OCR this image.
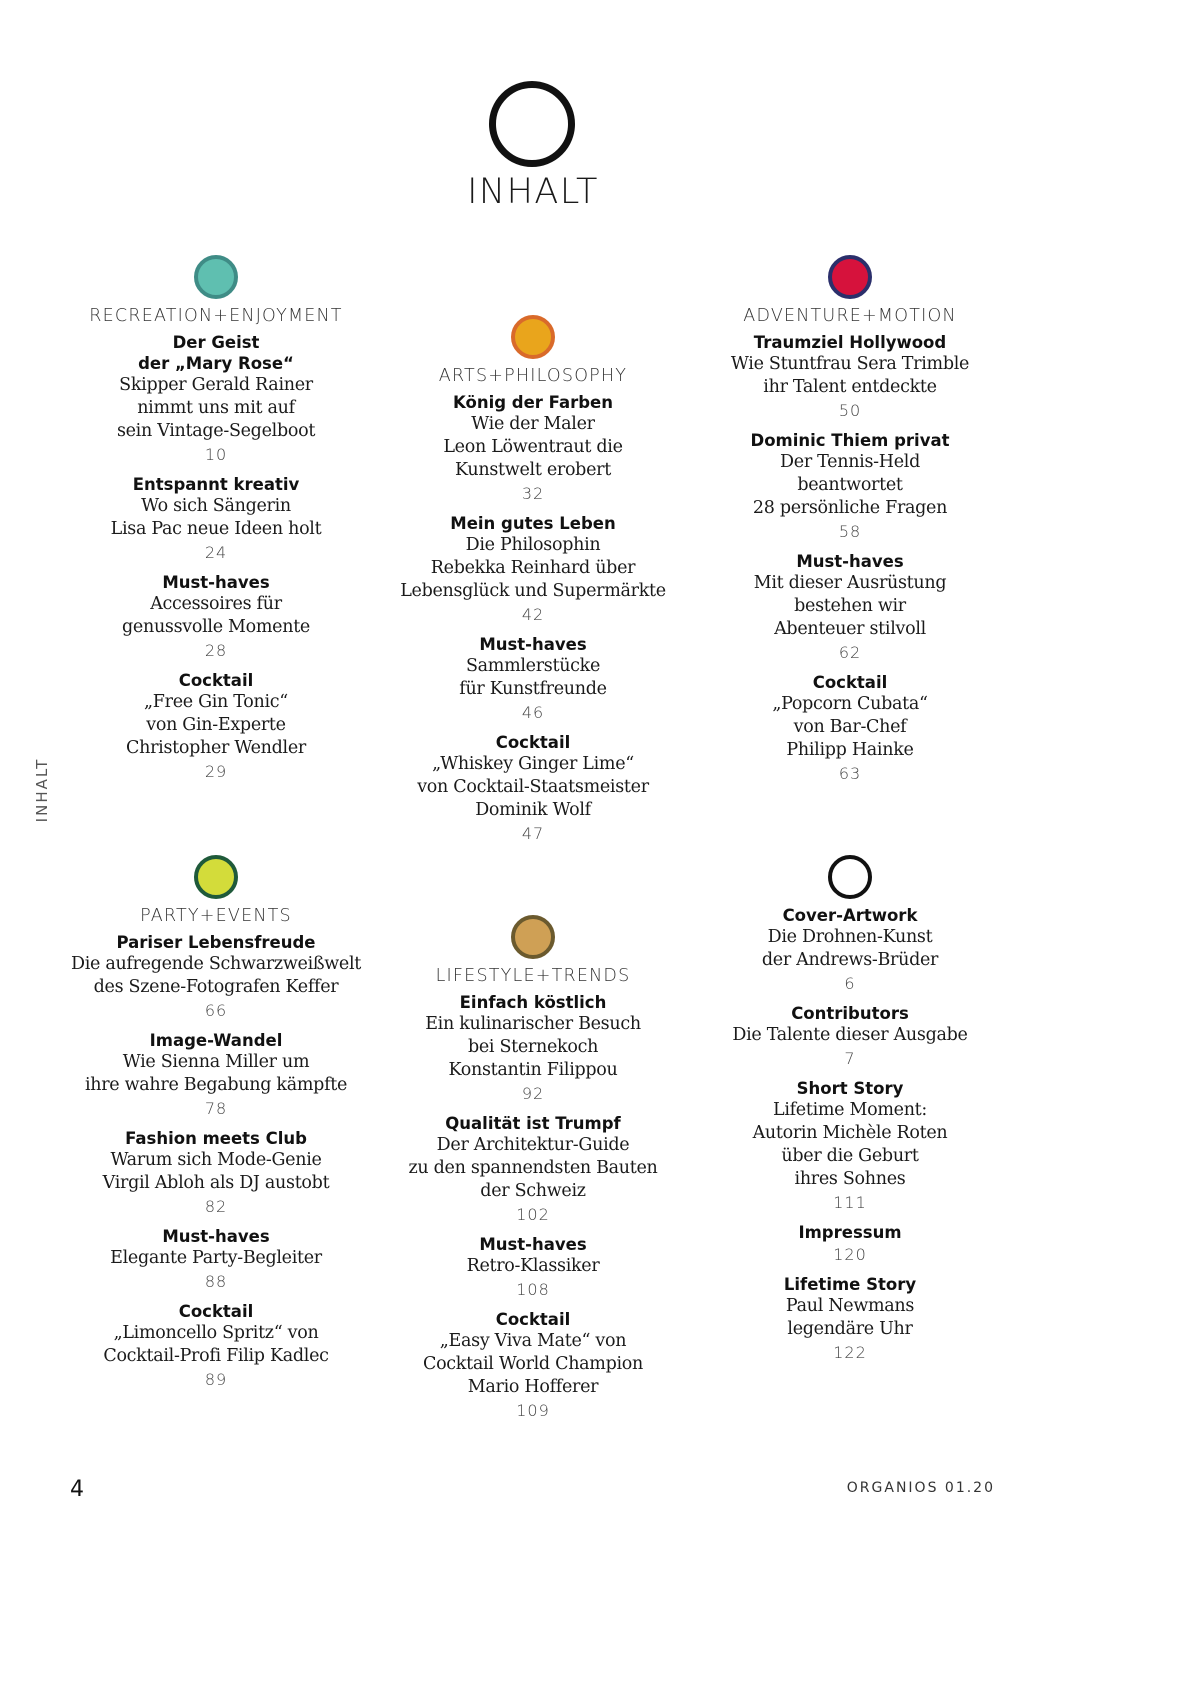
INHALT
RECREATION+ENJOYMENT
Der Geist
der „Mary Rose“
Skipper Gerald Rainer
nimmt uns mit auf
sein Vintage-Segelboot
10
Entspannt kreativ
Wo sich Sängerin
Lisa Pac neue Ideen holt
24
Must-haves
Accessoires für
genussvolle Momente
28
Cocktail
„Free Gin Tonic“
von Gin-Experte
Christopher Wendler
29
ARTS+PHILOSOPHY
König der Farben
Wie der Maler
Leon Löwentraut die
Kunstwelt erobert
32
Mein gutes Leben
Die Philosophin
Rebekka Reinhard über
Lebensglück und Supermärkte
42
Must-haves
Sammlerstücke
für Kunstfreunde
46
Cocktail
„Whiskey Ginger Lime“
von Cocktail-Staatsmeister
Dominik Wolf
47
ADVENTURE+MOTION
Traumziel Hollywood
Wie Stuntfrau Sera Trimble
ihr Talent entdeckte
50
Dominic Thiem privat
Der Tennis-Held
beantwortet
28 persönliche Fragen
58
Must-haves
Mit dieser Ausrüstung
bestehen wir
Abenteuer stilvoll
62
Cocktail
„Popcorn Cubata“
von Bar-Chef
Philipp Hainke
63
PARTY+EVENTS
Pariser Lebensfreude
Die aufregende Schwarzweißwelt
des Szene-Fotografen Keffer
66
Image-Wandel
Wie Sienna Miller um
ihre wahre Begabung kämpfte
78
Fashion meets Club
Warum sich Mode-Genie
Virgil Abloh als DJ austobt
82
Must-haves
Elegante Party-Begleiter
88
Cocktail
„Limoncello Spritz“ von
Cocktail-Profi Filip Kadlec
89
LIFESTYLE+TRENDS
Einfach köstlich
Ein kulinarischer Besuch
bei Sternekoch
Konstantin Filippou
92
Qualität ist Trumpf
Der Architektur-Guide
zu den spannendsten Bauten
der Schweiz
102
Must-haves
Retro-Klassiker
108
Cocktail
„Easy Viva Mate“ von
Cocktail World Champion
Mario Hofferer
109
Cover-Artwork
Die Drohnen-Kunst
der Andrews-Brüder
6
Contributors
Die Talente dieser Ausgabe
7
Short Story
Lifetime Moment:
Autorin Michèle Roten
über die Geburt
ihres Sohnes
111
Impressum
120
Lifetime Story
Paul Newmans
legendäre Uhr
122
INHALT
4	ORGANIOS 01.20
